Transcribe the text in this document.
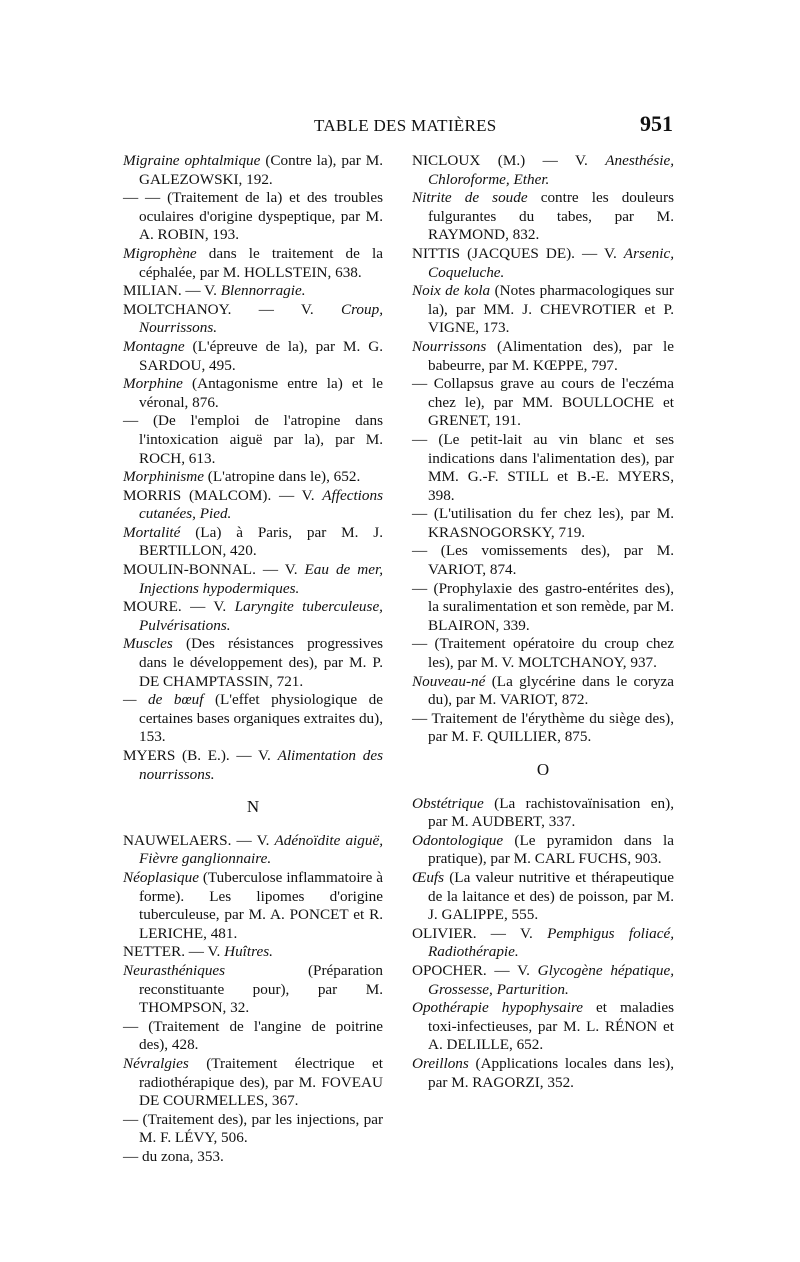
TABLE DES MATIÈRES	951

Migraine ophtalmique (Contre la), par M. GALEZOWSKI, 192.

— — (Traitement de la) et des troubles oculaires d'origine dyspeptique, par M. A. ROBIN, 193.

Migrophène dans le traitement de la céphalée, par M. HOLLSTEIN, 638.

MILIAN. — V. Blennorragie.

MOLTCHANOY. — V. Croup, Nourrissons.

Montagne (L'épreuve de la), par M. G. SARDOU, 495.

Morphine (Antagonisme entre la) et le véronal, 876.

— (De l'emploi de l'atropine dans l'intoxication aiguë par la), par M. ROCH, 613.

Morphinisme (L'atropine dans le), 652.

MORRIS (MALCOM). — V. Affections cutanées, Pied.

Mortalité (La) à Paris, par M. J. BERTILLON, 420.

MOULIN-BONNAL. — V. Eau de mer, Injections hypodermiques.

MOURE. — V. Laryngite tuberculeuse, Pulvérisations.

Muscles (Des résistances progressives dans le développement des), par M. P. DE CHAMPTASSIN, 721.

— de bœuf (L'effet physiologique de certaines bases organiques extraites du), 153.

MYERS (B. E.). — V. Alimentation des nourrissons.

N

NAUWELAERS. — V. Adénoïdite aiguë, Fièvre ganglionnaire.

Néoplasique (Tuberculose inflammatoire à forme). Les lipomes d'origine tuberculeuse, par M. A. PONCET et R. LERICHE, 481.

NETTER. — V. Huîtres.

Neurasthéniques (Préparation reconstituante pour), par M. THOMPSON, 32.

— (Traitement de l'angine de poitrine des), 428.

Névralgies (Traitement électrique et radiothérapique des), par M. FOVEAU DE COURMELLES, 367.

— (Traitement des), par les injections, par M. F. LÉVY, 506.

— du zona, 353.

NICLOUX (M.) — V. Anesthésie, Chloroforme, Ether.

Nitrite de soude contre les douleurs fulgurantes du tabes, par M. RAYMOND, 832.

NITTIS (JACQUES DE). — V. Arsenic, Coqueluche.

Noix de kola (Notes pharmacologiques sur la), par MM. J. CHEVROTIER et P. VIGNE, 173.

Nourrissons (Alimentation des), par le babeurre, par M. KŒPPE, 797.

— Collapsus grave au cours de l'eczéma chez le), par MM. BOULLOCHE et GRENET, 191.

— (Le petit-lait au vin blanc et ses indications dans l'alimentation des), par MM. G.-F. STILL et B.-E. MYERS, 398.

— (L'utilisation du fer chez les), par M. KRASNOGORSKY, 719.

— (Les vomissements des), par M. VARIOT, 874.

— (Prophylaxie des gastro-entérites des), la suralimentation et son remède, par M. BLAIRON, 339.

— (Traitement opératoire du croup chez les), par M. V. MOLTCHANOY, 937.

Nouveau-né (La glycérine dans le coryza du), par M. VARIOT, 872.

— Traitement de l'érythème du siège des), par M. F. QUILLIER, 875.

O

Obstétrique (La rachistovaïnisation en), par M. AUDBERT, 337.

Odontologique (Le pyramidon dans la pratique), par M. CARL FUCHS, 903.

Œufs (La valeur nutritive et thérapeutique de la laitance et des) de poisson, par M. J. GALIPPE, 555.

OLIVIER. — V. Pemphigus foliacé, Radiothérapie.

OPOCHER. — V. Glycogène hépatique, Grossesse, Parturition.

Opothérapie hypophysaire et maladies toxi-infectieuses, par M. L. RÉNON et A. DELILLE, 652.

Oreillons (Applications locales dans les), par M. RAGORZI, 352.
